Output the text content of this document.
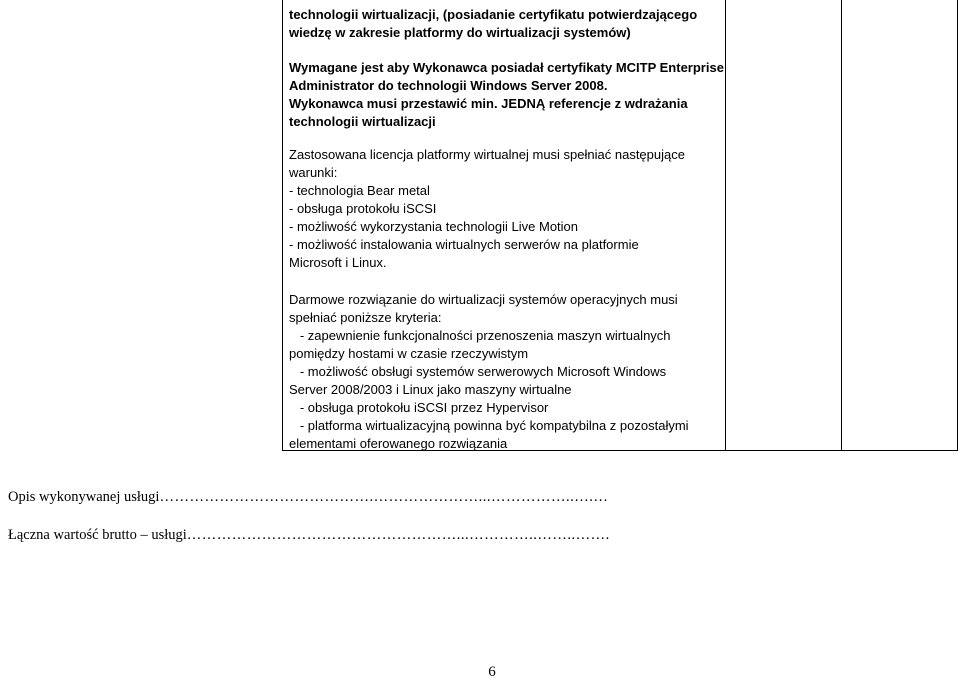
technologii wirtualizacji, (posiadanie certyfikatu potwierdzającego
wiedzę w zakresie platformy do wirtualizacji systemów)
Wymagane jest aby Wykonawca posiadał certyfikaty MCITP Enterprise
Administrator do technologii Windows Server 2008.
Wykonawca musi przestawić min. JEDNĄ referencje z wdrażania
technologii wirtualizacji
Zastosowana licencja platformy wirtualnej musi spełniać następujące
warunki:
- technologia Bear metal
- obsługa protokołu iSCSI
- możliwość wykorzystania technologii Live Motion
- możliwość instalowania wirtualnych serwerów na platformie
Microsoft i Linux.
Darmowe rozwiązanie do wirtualizacji systemów operacyjnych musi
spełniać poniższe kryteria:
- zapewnienie funkcjonalności przenoszenia maszyn wirtualnych
pomiędzy hostami w czasie rzeczywistym
- możliwość obsługi systemów serwerowych Microsoft Windows
Server 2008/2003 i Linux jako maszyny wirtualne
- obsługa protokołu iSCSI przez Hypervisor
- platforma wirtualizacyjną powinna być kompatybilna z pozostałymi
elementami oferowanego rozwiązania
Opis wykonywanej usługi…………………………………….…………………...……………..….…
Łączna wartość brutto – usługi………………………………………………...…………..……..…….
6
